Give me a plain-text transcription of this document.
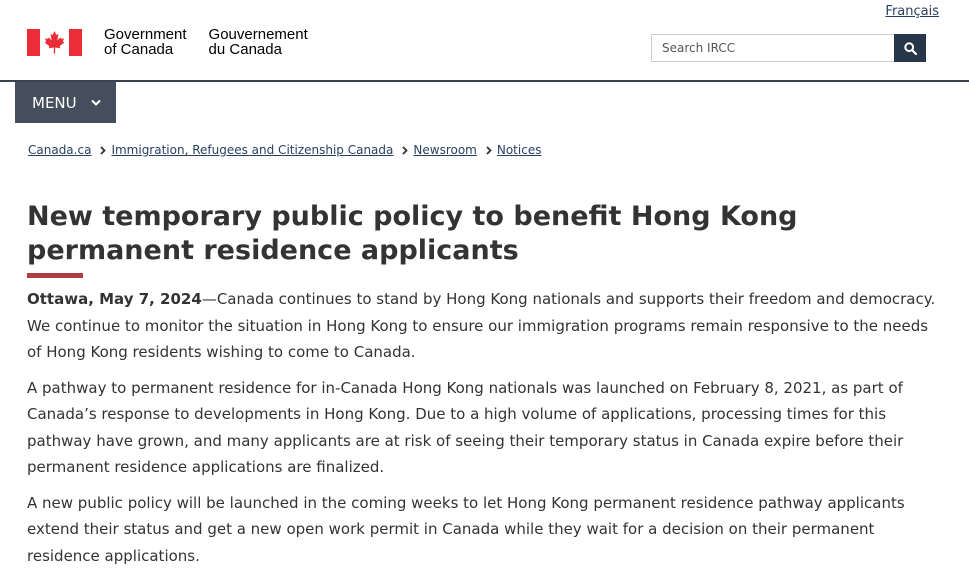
Français
Government
of Canada
Gouvernement
du Canada
Search IRCC
MENU
Canada.ca Immigration, Refugees and Citizenship Canada Newsroom Notices
New temporary public policy to benefit Hong Kong permanent residence applicants

Ottawa, May 7, 2024—Canada continues to stand by Hong Kong nationals and supports their freedom and democracy. We continue to monitor the situation in Hong Kong to ensure our immigration programs remain responsive to the needs of Hong Kong residents wishing to come to Canada.

A pathway to permanent residence for in-Canada Hong Kong nationals was launched on February 8, 2021, as part of Canada’s response to developments in Hong Kong. Due to a high volume of applications, processing times for this pathway have grown, and many applicants are at risk of seeing their temporary status in Canada expire before their permanent residence applications are finalized.

A new public policy will be launched in the coming weeks to let Hong Kong permanent residence pathway applicants extend their status and get a new open work permit in Canada while they wait for a decision on their permanent residence applications.
